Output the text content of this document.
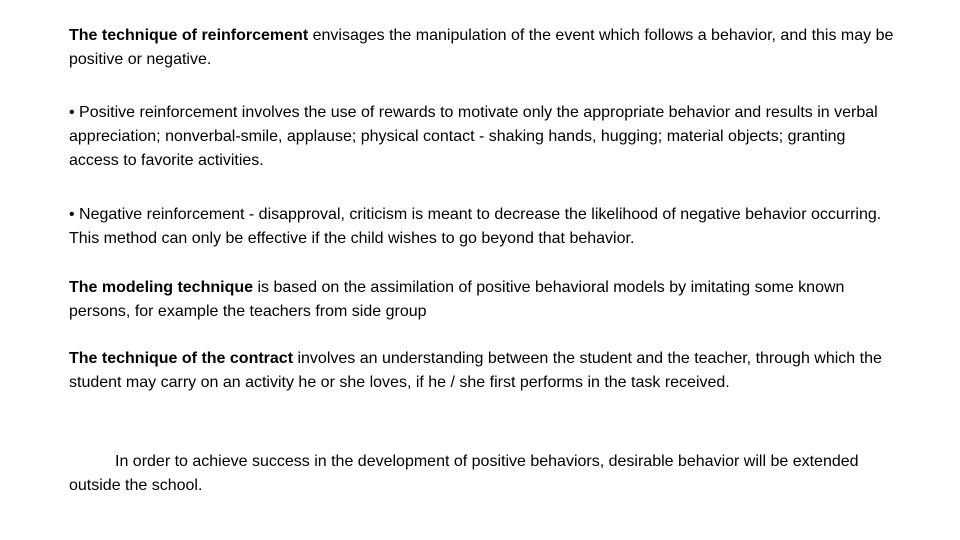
The technique of reinforcement envisages the manipulation of the event which follows a behavior, and this may be positive or negative.

• Positive reinforcement involves the use of rewards to motivate only the appropriate behavior and results in verbal appreciation; nonverbal-smile, applause; physical contact - shaking hands, hugging; material objects; granting access to favorite activities.

• Negative reinforcement - disapproval, criticism is meant to decrease the likelihood of negative behavior occurring. This method can only be effective if the child wishes to go beyond that behavior.

The modeling technique is based on the assimilation of positive behavioral models by imitating some known persons, for example the teachers from side group

The technique of the contract involves an understanding between the student and the teacher, through which the student may carry on an activity he or she loves, if he / she first performs in the task received.

In order to achieve success in the development of positive behaviors, desirable behavior will be extended outside the school.
